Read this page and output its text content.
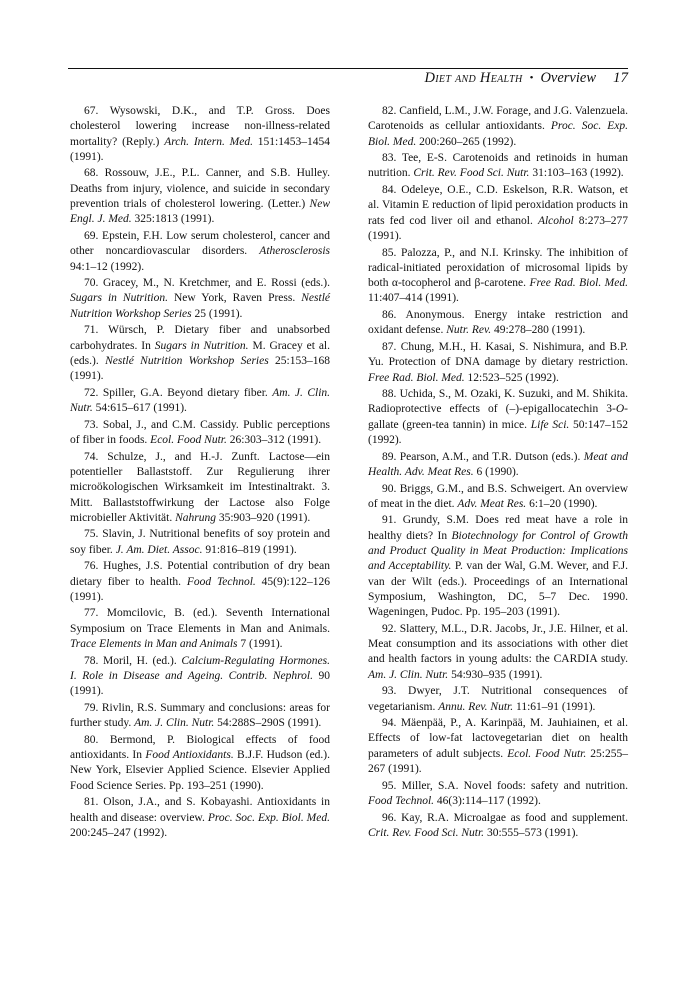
Diet and Health • Overview 17

67. Wysowski, D.K., and T.P. Gross. Does cholesterol lowering increase non-illness-related mortality? (Reply.) Arch. Intern. Med. 151:1453–1454 (1991).

68. Rossouw, J.E., P.L. Canner, and S.B. Hulley. Deaths from injury, violence, and suicide in secondary prevention trials of cholesterol lowering. (Letter.) New Engl. J. Med. 325:1813 (1991).

69. Epstein, F.H. Low serum cholesterol, cancer and other noncardiovascular disorders. Atherosclerosis 94:1–12 (1992).

70. Gracey, M., N. Kretchmer, and E. Rossi (eds.). Sugars in Nutrition. New York, Raven Press. Nestlé Nutrition Workshop Series 25 (1991).

71. Würsch, P. Dietary fiber and unabsorbed carbohydrates. In Sugars in Nutrition. M. Gracey et al. (eds.). Nestlé Nutrition Workshop Series 25:153–168 (1991).

72. Spiller, G.A. Beyond dietary fiber. Am. J. Clin. Nutr. 54:615–617 (1991).

73. Sobal, J., and C.M. Cassidy. Public perceptions of fiber in foods. Ecol. Food Nutr. 26:303–312 (1991).

74. Schulze, J., and H.-J. Zunft. Lactose—ein potentieller Ballaststoff. Zur Regulierung ihrer microökologischen Wirksamkeit im Intestinaltrakt. 3. Mitt. Ballaststoffwirkung der Lactose also Folge microbieller Aktivität. Nahrung 35:903–920 (1991).

75. Slavin, J. Nutritional benefits of soy protein and soy fiber. J. Am. Diet. Assoc. 91:816–819 (1991).

76. Hughes, J.S. Potential contribution of dry bean dietary fiber to health. Food Technol. 45(9):122–126 (1991).

77. Momcilovic, B. (ed.). Seventh International Symposium on Trace Elements in Man and Animals. Trace Elements in Man and Animals 7 (1991).

78. Moril, H. (ed.). Calcium-Regulating Hormones. I. Role in Disease and Ageing. Contrib. Nephrol. 90 (1991).

79. Rivlin, R.S. Summary and conclusions: areas for further study. Am. J. Clin. Nutr. 54:288S–290S (1991).

80. Bermond, P. Biological effects of food antioxidants. In Food Antioxidants. B.J.F. Hudson (ed.). New York, Elsevier Applied Science. Elsevier Applied Food Science Series. Pp. 193–251 (1990).

81. Olson, J.A., and S. Kobayashi. Antioxidants in health and disease: overview. Proc. Soc. Exp. Biol. Med. 200:245–247 (1992).

82. Canfield, L.M., J.W. Forage, and J.G. Valenzuela. Carotenoids as cellular antioxidants. Proc. Soc. Exp. Biol. Med. 200:260–265 (1992).

83. Tee, E-S. Carotenoids and retinoids in human nutrition. Crit. Rev. Food Sci. Nutr. 31:103–163 (1992).

84. Odeleye, O.E., C.D. Eskelson, R.R. Watson, et al. Vitamin E reduction of lipid peroxidation products in rats fed cod liver oil and ethanol. Alcohol 8:273–277 (1991).

85. Palozza, P., and N.I. Krinsky. The inhibition of radical-initiated peroxidation of microsomal lipids by both α-tocopherol and β-carotene. Free Rad. Biol. Med. 11:407–414 (1991).

86. Anonymous. Energy intake restriction and oxidant defense. Nutr. Rev. 49:278–280 (1991).

87. Chung, M.H., H. Kasai, S. Nishimura, and B.P. Yu. Protection of DNA damage by dietary restriction. Free Rad. Biol. Med. 12:523–525 (1992).

88. Uchida, S., M. Ozaki, K. Suzuki, and M. Shikita. Radioprotective effects of (–)-epigallocatechin 3-O-gallate (green-tea tannin) in mice. Life Sci. 50:147–152 (1992).

89. Pearson, A.M., and T.R. Dutson (eds.). Meat and Health. Adv. Meat Res. 6 (1990).

90. Briggs, G.M., and B.S. Schweigert. An overview of meat in the diet. Adv. Meat Res. 6:1–20 (1990).

91. Grundy, S.M. Does red meat have a role in healthy diets? In Biotechnology for Control of Growth and Product Quality in Meat Production: Implications and Acceptability. P. van der Wal, G.M. Wever, and F.J. van der Wilt (eds.). Proceedings of an International Symposium, Washington, DC, 5–7 Dec. 1990. Wageningen, Pudoc. Pp. 195–203 (1991).

92. Slattery, M.L., D.R. Jacobs, Jr., J.E. Hilner, et al. Meat consumption and its associations with other diet and health factors in young adults: the CARDIA study. Am. J. Clin. Nutr. 54:930–935 (1991).

93. Dwyer, J.T. Nutritional consequences of vegetarianism. Annu. Rev. Nutr. 11:61–91 (1991).

94. Mäenpää, P., A. Karinpää, M. Jauhiainen, et al. Effects of low-fat lactovegetarian diet on health parameters of adult subjects. Ecol. Food Nutr. 25:255–267 (1991).

95. Miller, S.A. Novel foods: safety and nutrition. Food Technol. 46(3):114–117 (1992).

96. Kay, R.A. Microalgae as food and supplement. Crit. Rev. Food Sci. Nutr. 30:555–573 (1991).
